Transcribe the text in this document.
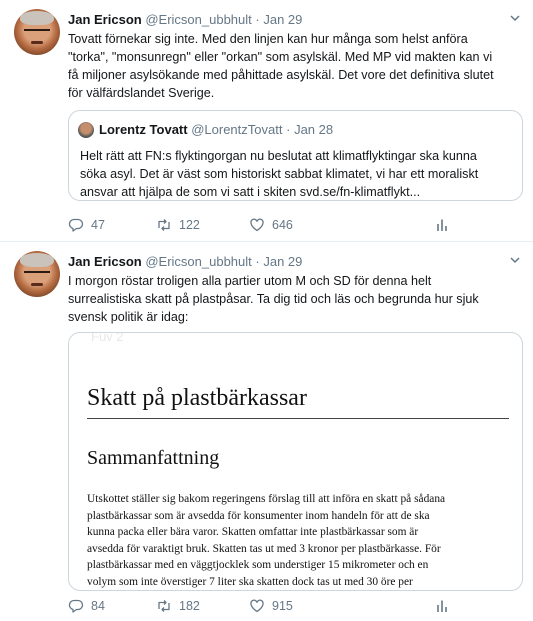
Jan Ericson @Ericson_ubbhult · Jan 29
Tovatt förnekar sig inte. Med den linjen kan hur många som helst anföra
"torka", "monsunregn" eller "orkan" som asylskäl. Med MP vid makten kan vi
få miljoner asylsökande med påhittade asylskäl. Det vore det definitiva slutet
för välfärdslandet Sverige.
Lorentz Tovatt @LorentzTovatt · Jan 28
Helt rätt att FN:s flyktingorgan nu beslutat att klimatflyktingar ska kunna
söka asyl. Det är väst som historiskt sabbat klimatet, vi har ett moraliskt
ansvar att hjälpa de som vi satt i skiten svd.se/fn-klimatflykt...
47	122	646
Jan Ericson @Ericson_ubbhult · Jan 29
I morgon röstar troligen alla partier utom M och SD för denna helt
surrealistiska skatt på plastpåsar. Ta dig tid och läs och begrunda hur sjuk
svensk politik är idag:
Fuv 2
Skatt på plastbärkassar
Sammanfattning
Utskottet ställer sig bakom regeringens förslag till att införa en skatt på sådana
plastbärkassar som är avsedda för konsumenter inom handeln för att de ska
kunna packa eller bära varor. Skatten omfattar inte plastbärkassar som är
avsedda för varaktigt bruk. Skatten tas ut med 3 kronor per plastbärkasse. För
plastbärkassar med en väggtjocklek som understiger 15 mikrometer och en
volym som inte överstiger 7 liter ska skatten dock tas ut med 30 öre per
84	182	915
